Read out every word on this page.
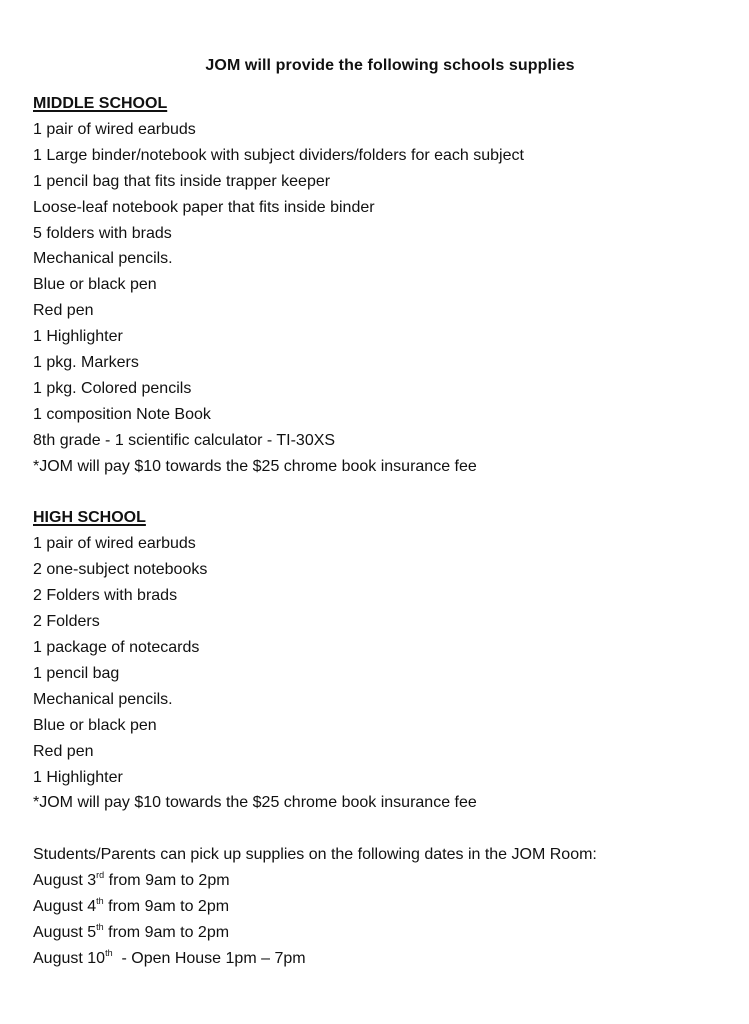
JOM will provide the following schools supplies
MIDDLE SCHOOL
1 pair of wired earbuds
1 Large binder/notebook with subject dividers/folders for each subject
1 pencil bag that fits inside trapper keeper
Loose-leaf notebook paper that fits inside binder
5 folders with brads
Mechanical pencils.
Blue or black pen
Red pen
1 Highlighter
1 pkg. Markers
1 pkg. Colored pencils
1 composition Note Book
8th grade - 1 scientific calculator - TI-30XS
*JOM will pay $10 towards the $25 chrome book insurance fee
HIGH SCHOOL
1 pair of wired earbuds
2 one-subject notebooks
2 Folders with brads
2 Folders
1 package of notecards
1 pencil bag
Mechanical pencils.
Blue or black pen
Red pen
1 Highlighter
*JOM will pay $10 towards the $25 chrome book insurance fee
Students/Parents can pick up supplies on the following dates in the JOM Room:
August 3rd from 9am to 2pm
August 4th from 9am to 2pm
August 5th from 9am to 2pm
August 10th  - Open House 1pm – 7pm
